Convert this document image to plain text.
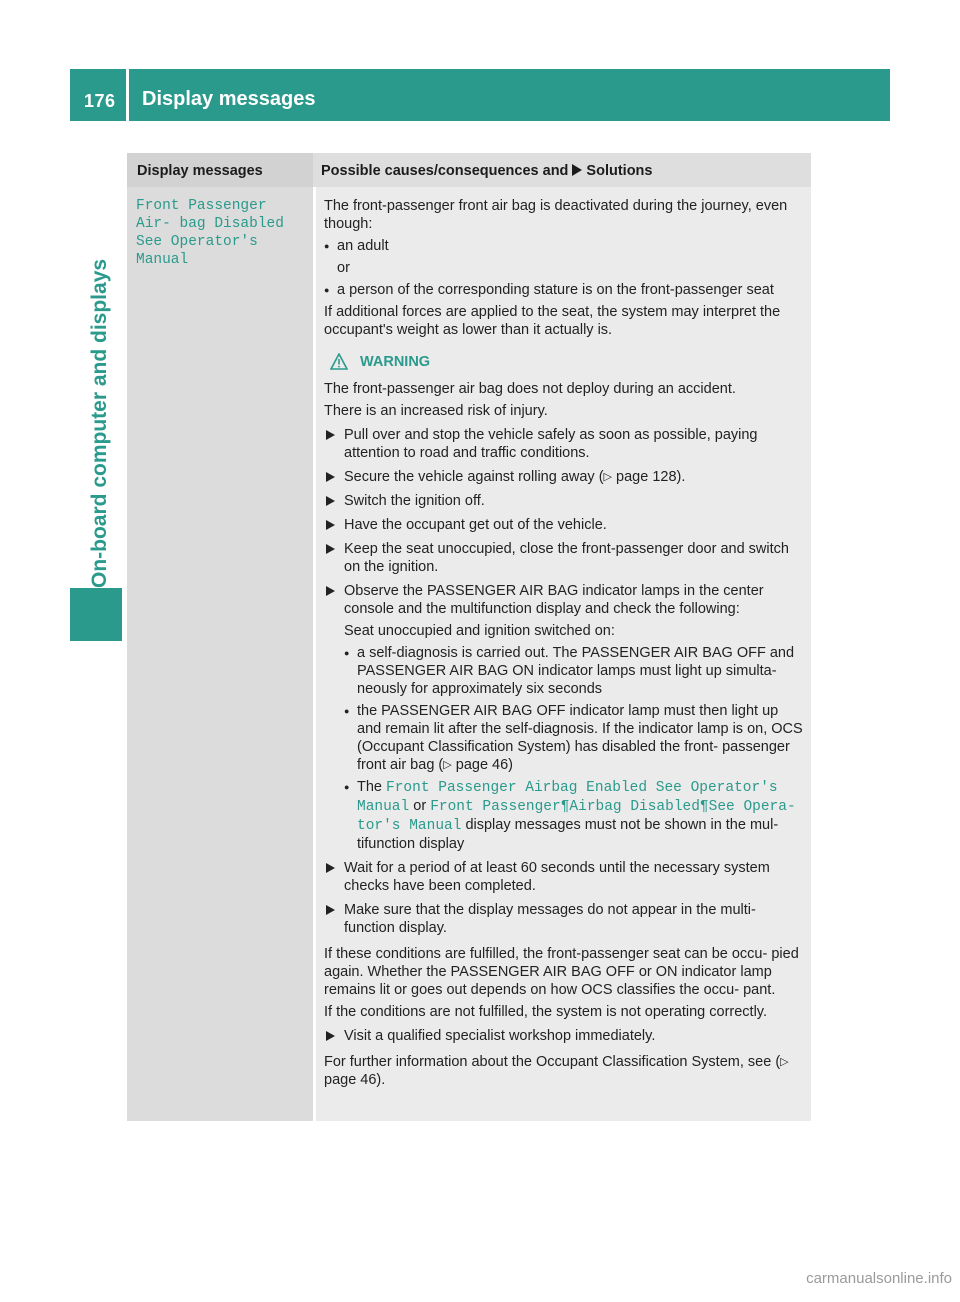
176 Display messages
On-board computer and displays
Display messages	Possible causes/consequences and Solutions
Front Passenger Air‐ bag Disabled See Operator's Manual
The front-passenger front air bag is deactivated during the journey, even though:
● an adult
or
● a person of the corresponding stature is on the front-passenger seat
If additional forces are applied to the seat, the system may interpret the occupant's weight as lower than it actually is.
WARNING
The front-passenger air bag does not deploy during an accident.
There is an increased risk of injury.
Pull over and stop the vehicle safely as soon as possible, paying attention to road and traffic conditions.
Secure the vehicle against rolling away (▷ page 128).
Switch the ignition off.
Have the occupant get out of the vehicle.
Keep the seat unoccupied, close the front-passenger door and switch on the ignition.
Observe the PASSENGER AIR BAG indicator lamps in the center console and the multifunction display and check the following:
Seat unoccupied and ignition switched on:
● a self-diagnosis is carried out. The PASSENGER AIR BAG OFF and PASSENGER AIR BAG ON indicator lamps must light up simulta‐ neously for approximately six seconds
● the PASSENGER AIR BAG OFF indicator lamp must then light up and remain lit after the self-diagnosis. If the indicator lamp is on, OCS (Occupant Classification System) has disabled the front- passenger front air bag (▷ page 46)
● The Front Passenger Airbag Enabled See Operator's Manual or Front Passenger¶Airbag Disabled¶See Opera‐ tor's Manual display messages must not be shown in the mul‐ tifunction display
Wait for a period of at least 60 seconds until the necessary system checks have been completed.
Make sure that the display messages do not appear in the multi‐ function display.
If these conditions are fulfilled, the front-passenger seat can be occu‐ pied again. Whether the PASSENGER AIR BAG OFF or ON indicator lamp remains lit or goes out depends on how OCS classifies the occu‐ pant.
If the conditions are not fulfilled, the system is not operating correctly.
Visit a qualified specialist workshop immediately.
For further information about the Occupant Classification System, see (▷ page 46).
carmanualsonline.info
